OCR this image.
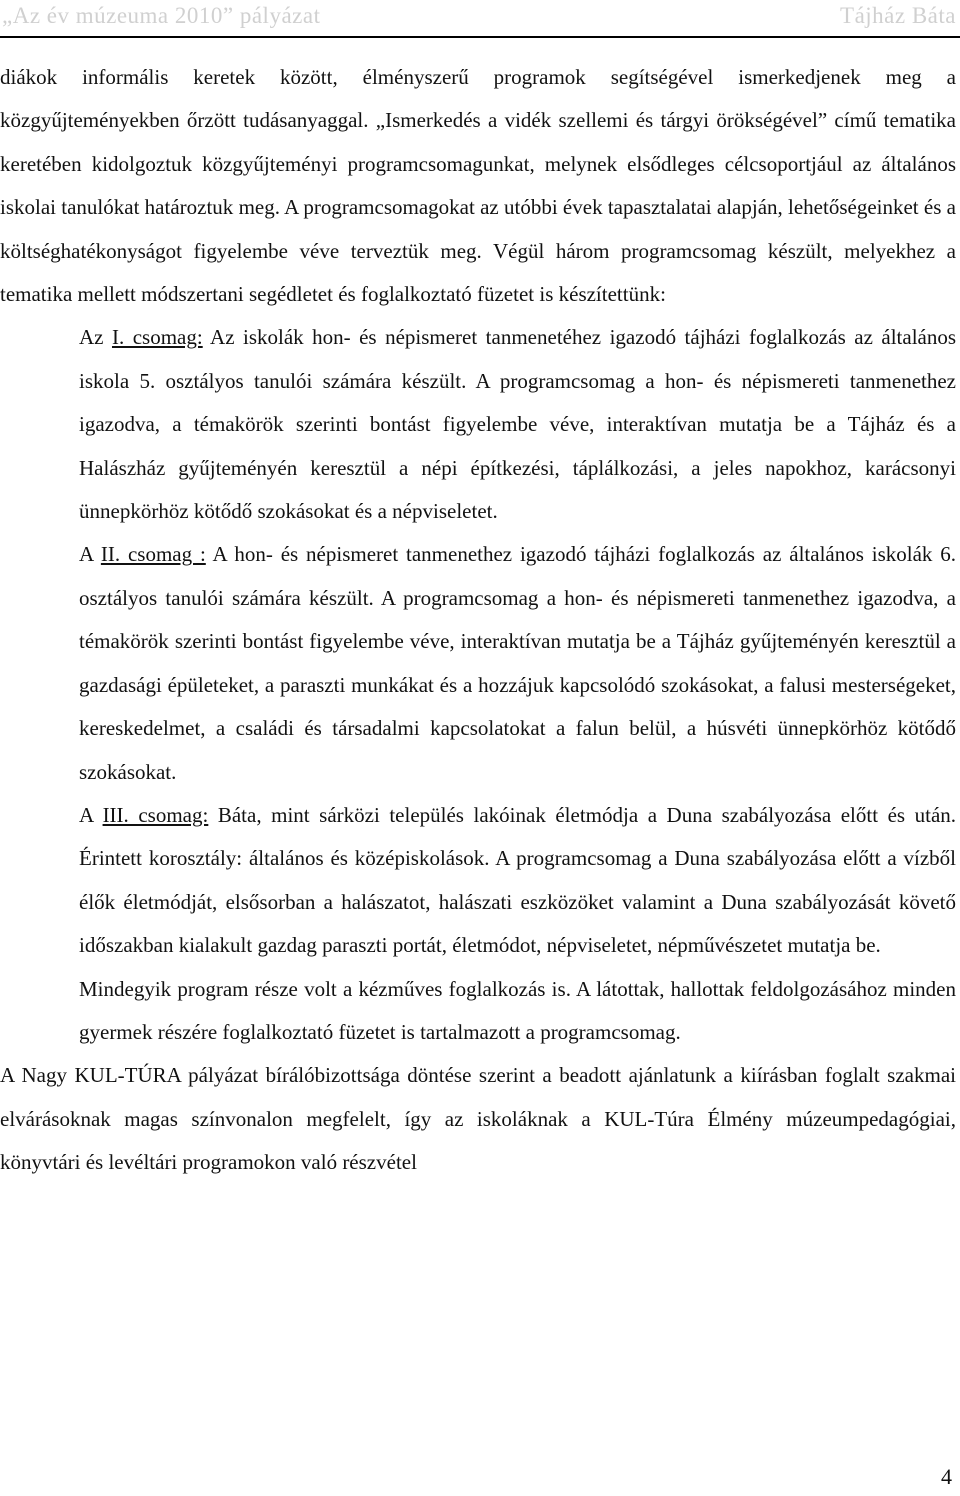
„Az év múzeuma 2010” pályázat	Tájház Báta

diákok informális keretek között, élményszerű programok segítségével ismerkedjenek meg a közgyűjteményekben őrzött tudásanyaggal. „Ismerkedés a vidék szellemi és tárgyi örökségével” című tematika keretében kidolgoztuk közgyűjteményi programcsomagunkat, melynek elsődleges célcsoportjául az általános iskolai tanulókat határoztuk meg. A programcsomagokat az utóbbi évek tapasztalatai alapján, lehetőségeinket és a költséghatékonyságot figyelembe véve terveztük meg. Végül három programcsomag készült, melyekhez a tematika mellett módszertani segédletet és foglalkoztató füzetet is készítettünk:

Az I. csomag: Az iskolák hon- és népismeret tanmenetéhez igazodó tájházi foglalkozás az általános iskola 5. osztályos tanulói számára készült. A programcsomag a hon- és népismereti tanmenethez igazodva, a témakörök szerinti bontást figyelembe véve, interaktívan mutatja be a Tájház és a Halászház gyűjteményén keresztül a népi építkezési, táplálkozási, a jeles napokhoz, karácsonyi ünnepkörhöz kötődő szokásokat és a népviseletet.

A II. csomag : A hon- és népismeret tanmenethez igazodó tájházi foglalkozás az általános iskolák 6. osztályos tanulói számára készült. A programcsomag a hon- és népismereti tanmenethez igazodva, a témakörök szerinti bontást figyelembe véve, interaktívan mutatja be a Tájház gyűjteményén keresztül a gazdasági épületeket, a paraszti munkákat és a hozzájuk kapcsolódó szokásokat, a falusi mesterségeket, kereskedelmet, a családi és társadalmi kapcsolatokat a falun belül, a húsvéti ünnepkörhöz kötődő szokásokat.

A III. csomag: Báta, mint sárközi település lakóinak életmódja a Duna szabályozása előtt és után. Érintett korosztály: általános és középiskolások. A programcsomag a Duna szabályozása előtt a vízből élők életmódját, elsősorban a halászatot, halászati eszközöket valamint a Duna szabályozását követő időszakban kialakult gazdag paraszti portát, életmódot, népviseletet, népművészetet mutatja be.

Mindegyik program része volt a kézműves foglalkozás is. A látottak, hallottak feldolgozásához minden gyermek részére foglalkoztató füzetet is tartalmazott a programcsomag.

A Nagy KUL-TÚRA pályázat bírálóbizottsága döntése szerint a beadott ajánlatunk a kiírásban foglalt szakmai elvárásoknak magas színvonalon megfelelt, így az iskoláknak a KUL-Túra Élmény múzeumpedagógiai, könyvtári és levéltári programokon való részvétel

4
